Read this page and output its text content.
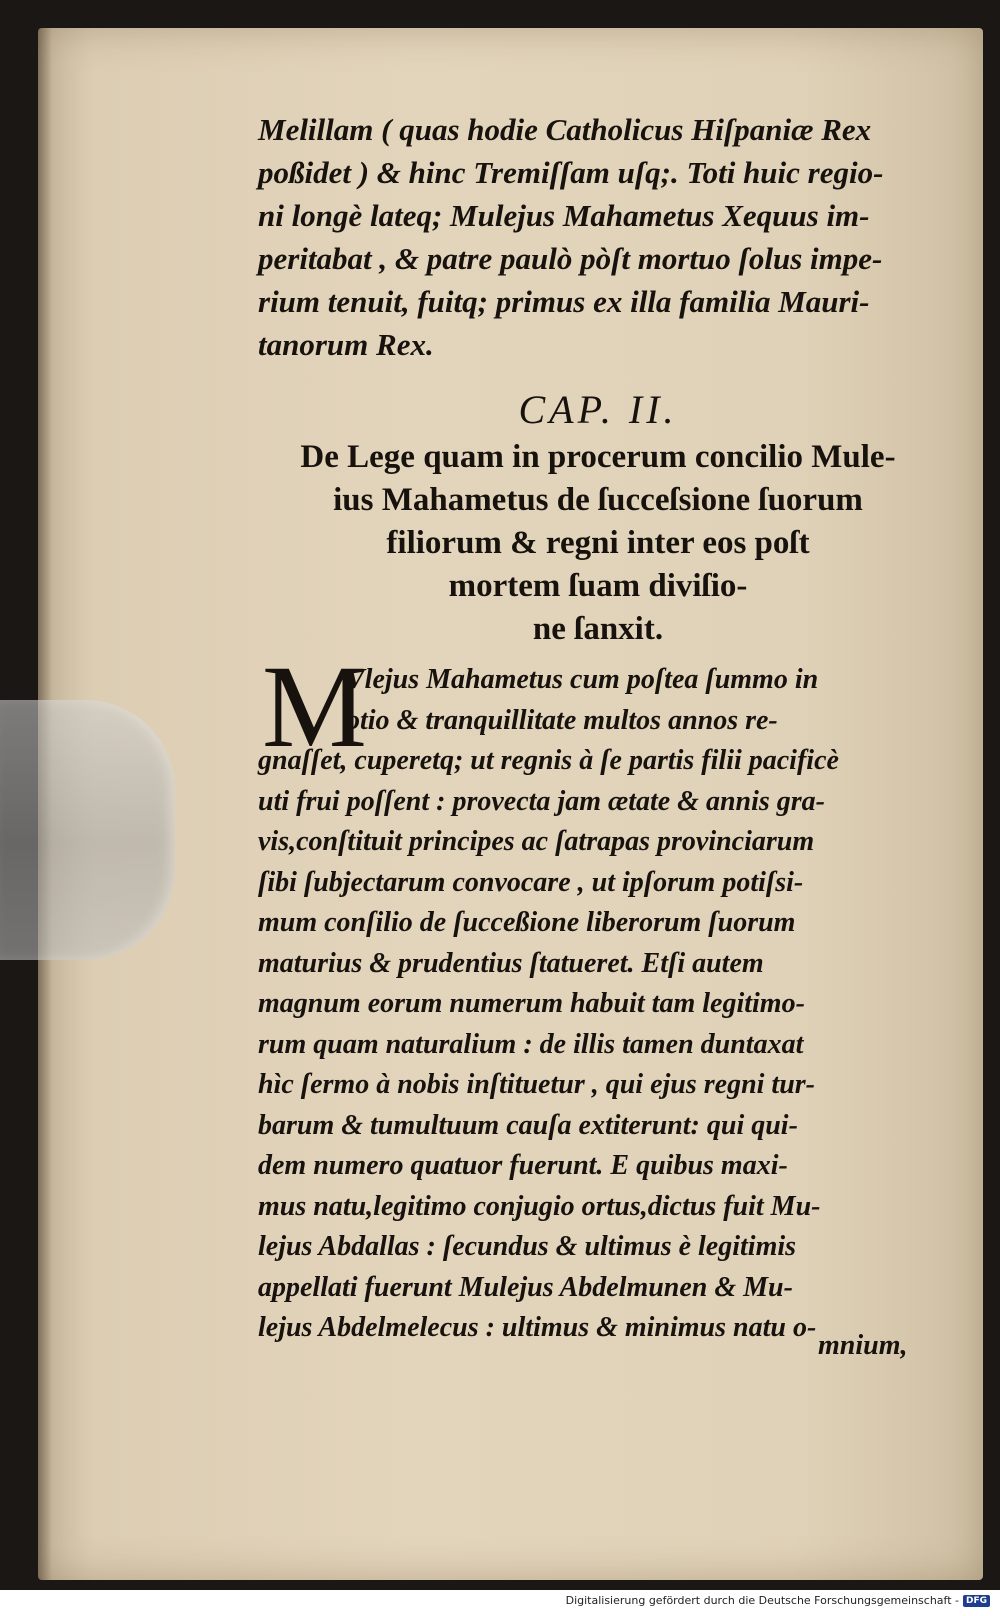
Melillam ( quas hodie Catholicus Hiſpaniæ Rex
poßidet ) & hinc Tremiſſam uſq;. Toti huic regio-
ni longè lateq; Mulejus Mahametus Xequus im-
peritabat , & patre paulò pòſt mortuo ſolus impe-
rium tenuit, fuitq; primus ex illa familia Mauri-
tanorum Rex.
CAP. II.
De Lege quam in procerum concilio Mule-
ius Mahametus de ſucceſsione ſuorum
filiorum & regni inter eos poſt
mortem ſuam diviſio-
ne ſanxit.
M
Vlejus Mahametus cum poſtea ſummo in
otio & tranquillitate multos annos re-
gnaſſet, cuperetq; ut regnis à ſe partis filii pacificè
uti frui poſſent : provecta jam ætate & annis gra-
vis,conſtituit principes ac ſatrapas provinciarum
ſibi ſubjectarum convocare , ut ipſorum potiſsi-
mum conſilio de ſucceßione liberorum ſuorum
maturius & prudentius ſtatueret. Etſi autem
magnum eorum numerum habuit tam legitimo-
rum quam naturalium : de illis tamen duntaxat
hìc ſermo à nobis inſtituetur , qui ejus regni tur-
barum & tumultuum cauſa extiterunt: qui qui-
dem numero quatuor fuerunt. E quibus maxi-
mus natu,legitimo conjugio ortus,dictus fuit Mu-
lejus Abdallas : ſecundus & ultimus è legitimis
appellati fuerunt Mulejus Abdelmunen & Mu-
lejus Abdelmelecus : ultimus & minimus natu o-
mnium,
Digitalisierung gefördert durch die Deutsche Forschungsgemeinschaft - DFG
